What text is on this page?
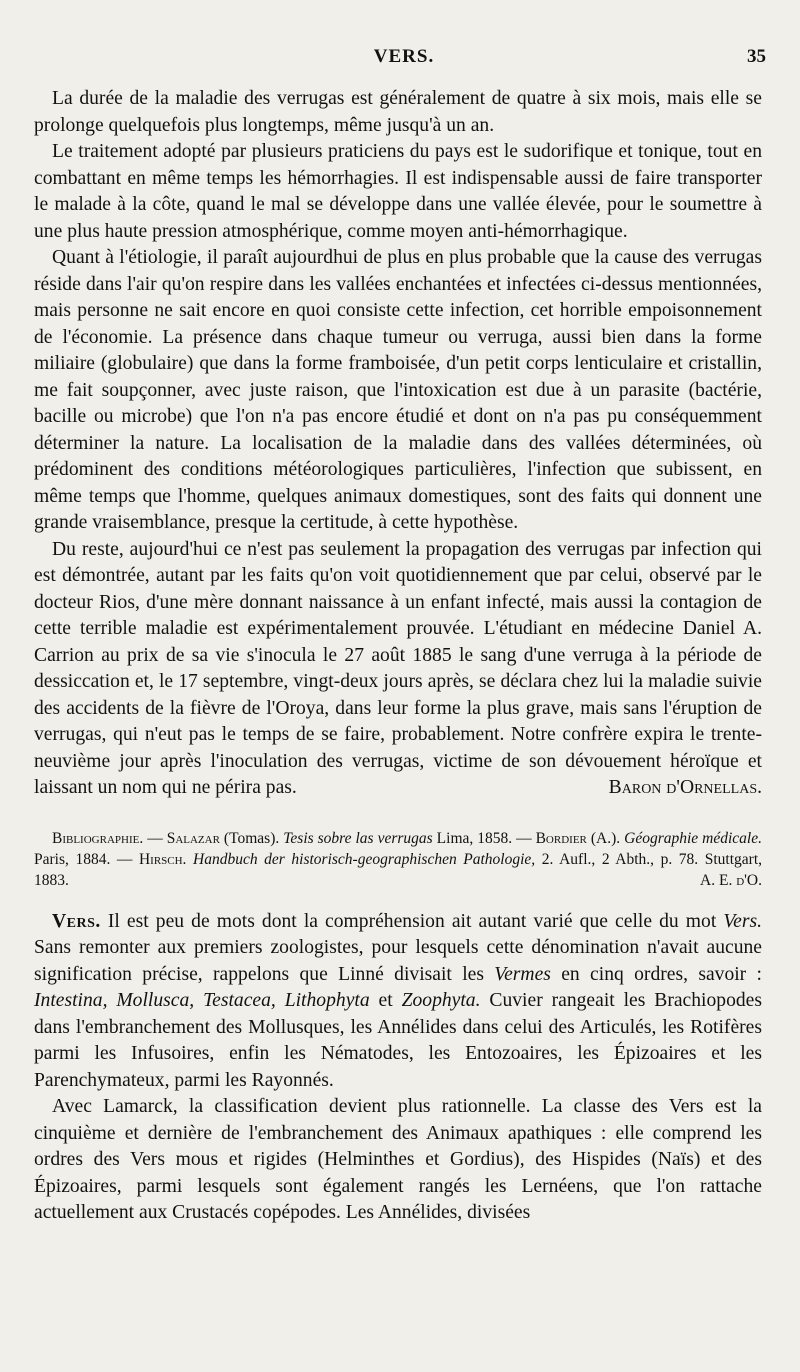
VERS.	35

La durée de la maladie des verrugas est généralement de quatre à six mois, mais elle se prolonge quelquefois plus longtemps, même jusqu'à un an.

Le traitement adopté par plusieurs praticiens du pays est le sudorifique et tonique, tout en combattant en même temps les hémorrhagies. Il est indispensable aussi de faire transporter le malade à la côte, quand le mal se développe dans une vallée élevée, pour le soumettre à une plus haute pression atmosphérique, comme moyen anti-hémorrhagique.

Quant à l'étiologie, il paraît aujourdhui de plus en plus probable que la cause des verrugas réside dans l'air qu'on respire dans les vallées enchantées et infectées ci-dessus mentionnées, mais personne ne sait encore en quoi consiste cette infection, cet horrible empoisonnement de l'économie. La présence dans chaque tumeur ou verruga, aussi bien dans la forme miliaire (globulaire) que dans la forme framboisée, d'un petit corps lenticulaire et cristallin, me fait soupçonner, avec juste raison, que l'intoxication est due à un parasite (bactérie, bacille ou microbe) que l'on n'a pas encore étudié et dont on n'a pas pu conséquemment déterminer la nature. La localisation de la maladie dans des vallées déterminées, où prédominent des conditions météorologiques particulières, l'infection que subissent, en même temps que l'homme, quelques animaux domestiques, sont des faits qui donnent une grande vraisemblance, presque la certitude, à cette hypothèse.

Du reste, aujourd'hui ce n'est pas seulement la propagation des verrugas par infection qui est démontrée, autant par les faits qu'on voit quotidiennement que par celui, observé par le docteur Rios, d'une mère donnant naissance à un enfant infecté, mais aussi la contagion de cette terrible maladie est expérimentalement prouvée. L'étudiant en médecine Daniel A. Carrion au prix de sa vie s'inocula le 27 août 1885 le sang d'une verruga à la période de dessiccation et, le 17 septembre, vingt-deux jours après, se déclara chez lui la maladie suivie des accidents de la fièvre de l'Oroya, dans leur forme la plus grave, mais sans l'éruption de verrugas, qui n'eut pas le temps de se faire, probablement. Notre confrère expira le trente-neuvième jour après l'inoculation des verrugas, victime de son dévouement héroïque et laissant un nom qui ne périra pas.	Baron d'Ornellas.

Bibliographie. — Salazar (Tomas). Tesis sobre las verrugas Lima, 1858. — Bordier (A.). Géographie médicale. Paris, 1884. — Hirsch. Handbuch der historisch-geographischen Pathologie, 2. Aufl., 2 Abth., p. 78. Stuttgart, 1883.	A. E. d'O.

Vers. Il est peu de mots dont la compréhension ait autant varié que celle du mot Vers. Sans remonter aux premiers zoologistes, pour lesquels cette dénomination n'avait aucune signification précise, rappelons que Linné divisait les Vermes en cinq ordres, savoir : Intestina, Mollusca, Testacea, Lithophyta et Zoophyta. Cuvier rangeait les Brachiopodes dans l'embranchement des Mollusques, les Annélides dans celui des Articulés, les Rotifères parmi les Infusoires, enfin les Nématodes, les Entozoaires, les Épizoaires et les Parenchymateux, parmi les Rayonnés.

Avec Lamarck, la classification devient plus rationnelle. La classe des Vers est la cinquième et dernière de l'embranchement des Animaux apathiques : elle comprend les ordres des Vers mous et rigides (Helminthes et Gordius), des Hispides (Naïs) et des Épizoaires, parmi lesquels sont également rangés les Lernéens, que l'on rattache actuellement aux Crustacés copépodes. Les Annélides, divisées
